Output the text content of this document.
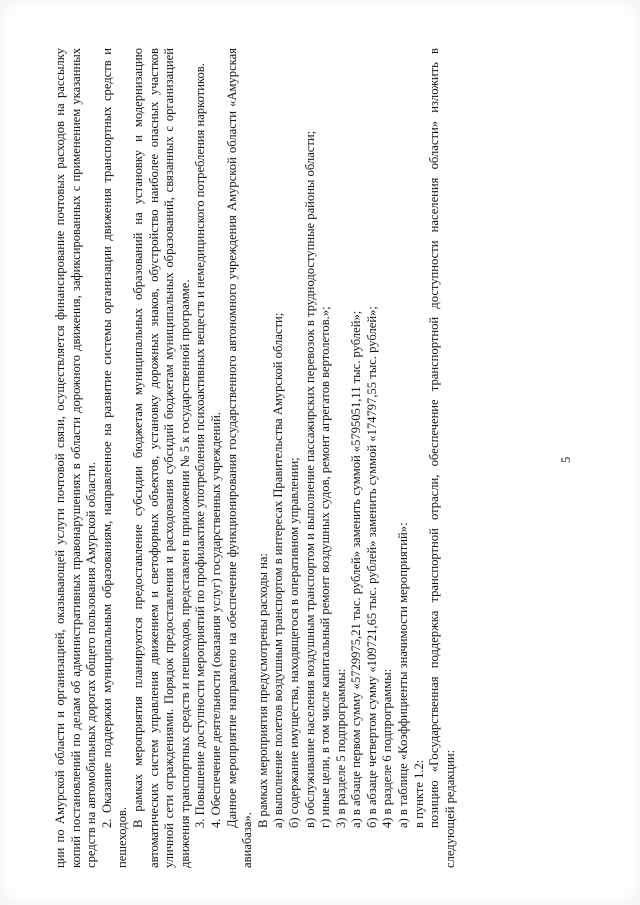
5

ции по Амурской области и организацией, оказывающей услуги почтовой связи, осуществляется финансирование почтовых расходов на рассылку копий постановлений по делам об административных правонарушениях в области дорожного движения, зафиксированных с применением указанных средств на автомобильных дорогах общего пользования Амурской области. 2. Оказание поддержки муниципальным образованиям, направленное на развитие системы организации движения транспортных средств и пешеходов.

В рамках мероприятия планируются предоставление субсидии бюджетам муниципальных образований на установку и модернизацию автоматических систем управления движением и светофорных объектов, установку дорожных знаков, обустройство наиболее опасных участков уличной сети ограждениями. Порядок предоставления и расходования субсидий бюджетам муниципальных образований, связанных с организацией движения транспортных средств и пешеходов, представлен в приложении № 5 к государственной программе. 3. Повышение доступности мероприятий по профилактике употребления психоактивных веществ и немедицинского потребления наркотиков. 4. Обеспечение деятельности (оказания услуг) государственных учреждений. Данное мероприятие направлено на обеспечение функционирования государственного автономного учреждения Амурской области «Амурская авиабаза».

В рамках мероприятия предусмотрены расходы на: а) выполнение полетов воздушным транспортом в интересах Правительства Амурской области; б) содержание имущества, находящегося в оперативном управлении; в) обслуживание населения воздушным транспортом и выполнение пассажирских перевозок в труднодоступные районы области; г) иные цели, в том числе капитальный ремонт воздушных судов, ремонт агрегатов вертолетов.»; 3) в разделе 5 подпрограммы: а) в абзаце первом сумму «5729975,21 тыс. рублей» заменить суммой «5795051,11 тыс. рублей»; б) в абзаце четвертом сумму «109721,65 тыс. рублей» заменить суммой «174797,55 тыс. рублей»; 4) в разделе 6 подпрограммы: а) в таблице «Коэффициенты значимости мероприятий»: в пункте 1.2: позицию «Государственная поддержка транспортной отрасли, обеспечение транспортной доступности населения области» изложить в следующей редакции:
